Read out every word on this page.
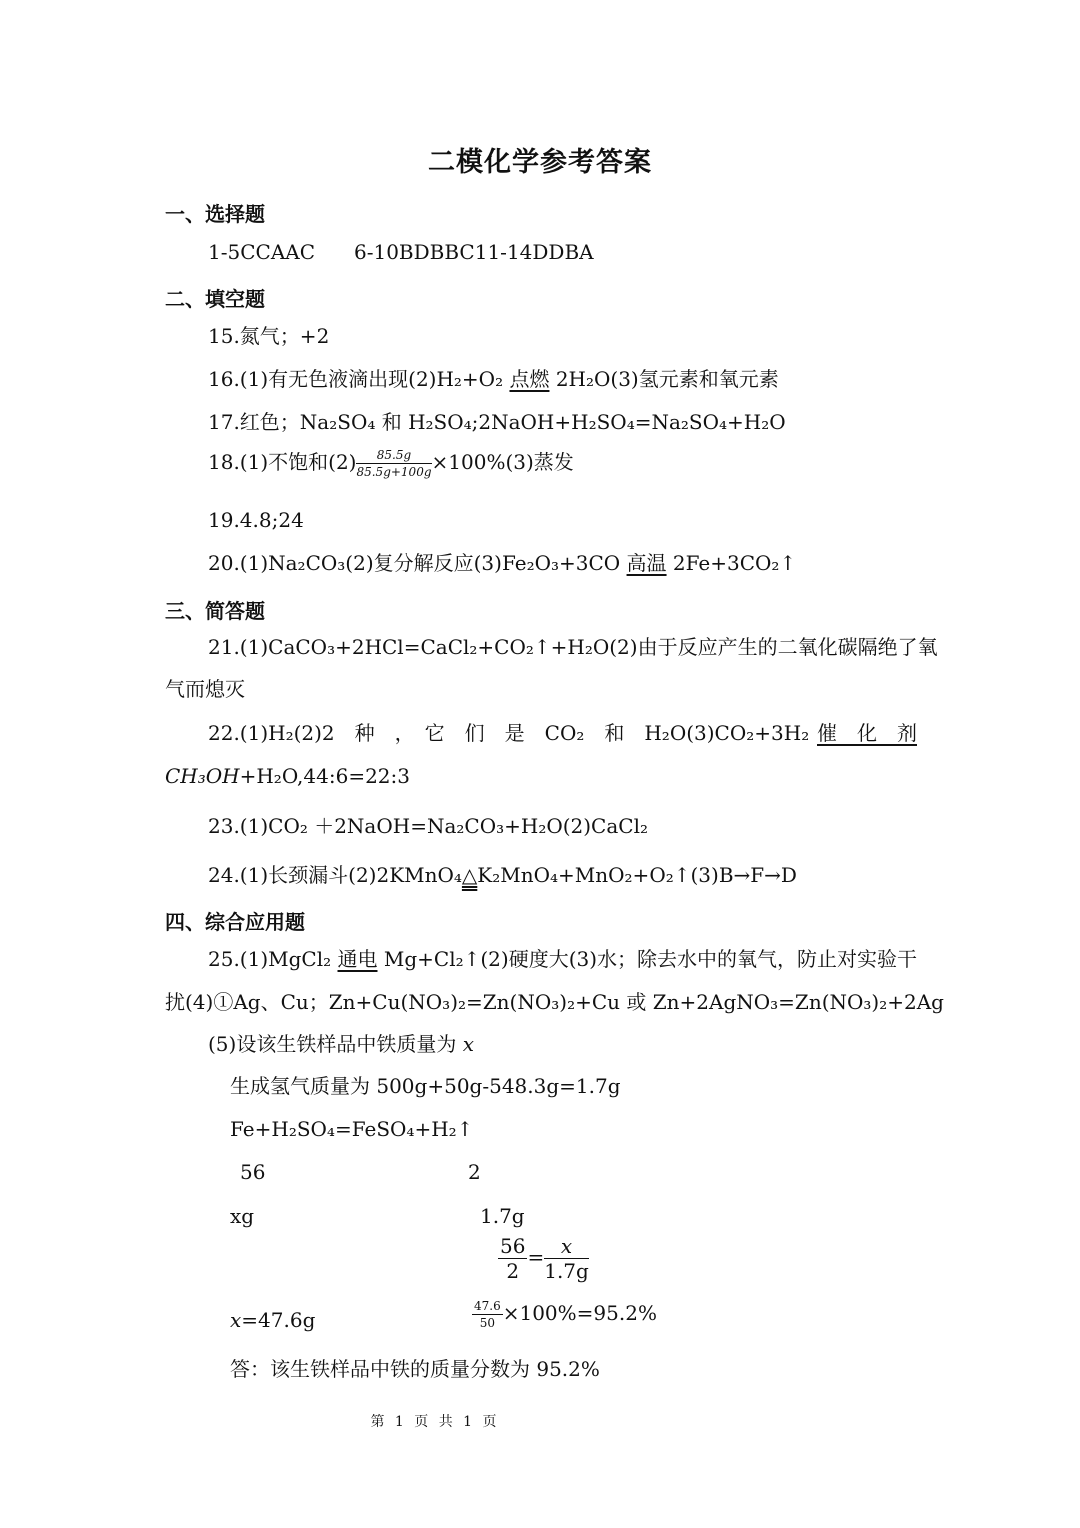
二模化学参考答案
一、选择题
1-5CCAAC 6-10BDBBC11-14DDBA
二、填空题
15.氮气；+2
16.(1)有无色液滴出现(2)H₂+O₂ 点燃 2H₂O(3)氢元素和氧元素
17.红色；Na₂SO₄ 和 H₂SO₄;2NaOH+H₂SO₄=Na₂SO₄+H₂O
18.(1)不饱和$(2) \frac{85.5g}{85.5g+100g} \times 100\%(3)$蒸发
19.4.8;24
20.(1)Na₂CO₃(2)复分解反应(3)Fe₂O₃+3CO 高温 2Fe+3CO₂↑
三、简答题
21.(1)CaCO₃+2HCl=CaCl₂+CO₂↑+H₂O(2)由于反应产生的二氧化碳隔绝了氧
气而熄灭
22.(1)H₂(2)2　种　，　它　们　是　CO₂　和　H₂O(3)CO₂+3H₂ 催　化　剂
CH₃OH+H₂O,44:6=22:3
23.(1)CO₂ ＋2NaOH=Na₂CO₃+H₂O(2)CaCl₂
24.(1)长颈漏斗(2)2KMnO₄△K₂MnO₄+MnO₂+O₂↑(3)B→F→D
四、综合应用题
25.(1)MgCl₂ 通电 Mg+Cl₂↑(2)硬度大(3)水；除去水中的氧气，防止对实验干
扰(4)①Ag、Cu；Zn+Cu(NO₃)₂=Zn(NO₃)₂+Cu 或 Zn+2AgNO₃=Zn(NO₃)₂+2Ag
(5)设该生铁样品中铁质量为 x
生成氢气质量为 500g+50g-548.3g=1.7g
Fe+H₂SO₄=FeSO₄+H₂↑
56	2
xg	1.7g
$\frac{56}{2} = \frac{x}{1.7g}$
x=47.6g	$\frac{47.6}{50} \times 100\%=95.2\%$
答：该生铁样品中铁的质量分数为 95.2%
第 1 页 共 1 页
